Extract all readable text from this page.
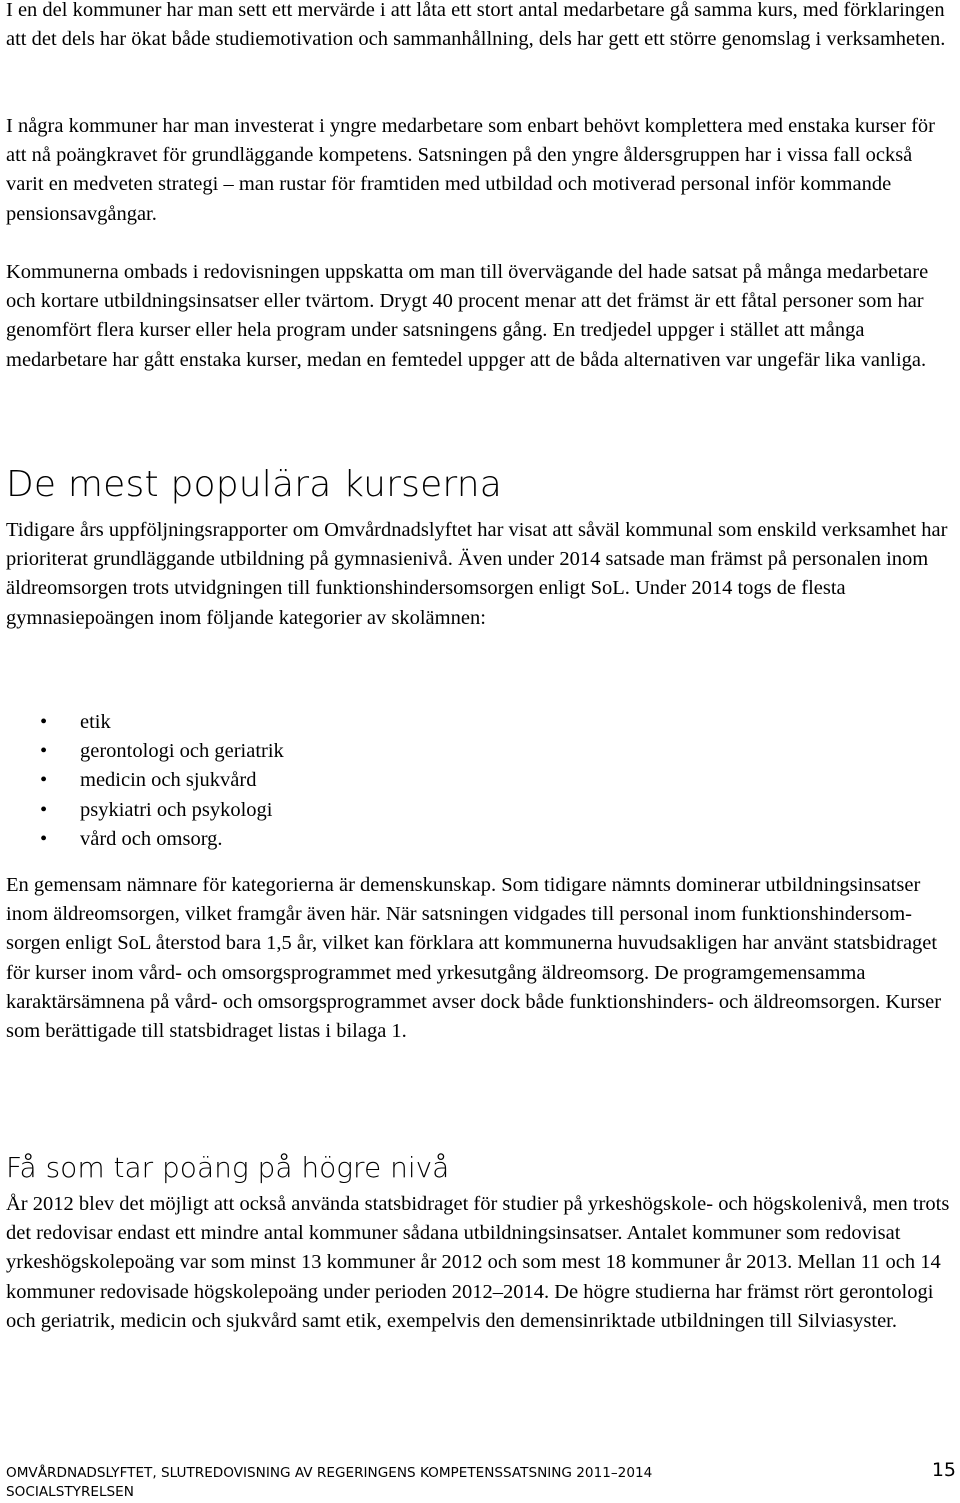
I en del kommuner har man sett ett mervärde i att låta ett stort antal medarbetare gå samma kurs, med förklaringen att det dels har ökat både studiemotivation och sammanhållning, dels har gett ett större genomslag i verksamheten.

I några kommuner har man investerat i yngre medarbetare som enbart behövt komplettera med enstaka kurser för att nå poängkravet för grundläggande kompetens. Satsningen på den yngre åldersgruppen har i vissa fall också varit en medveten strategi – man rustar för framtiden med utbildad och motiverad personal inför kommande pensionsavgångar.

Kommunerna ombads i redovisningen uppskatta om man till övervägande del hade satsat på många medarbetare och kortare utbildningsinsatser eller tvärtom. Drygt 40 procent menar att det främst är ett fåtal personer som har genomfört flera kurser eller hela program under satsningens gång. En tredjedel uppger i stället att många medarbetare har gått enstaka kurser, medan en femtedel uppger att de båda alternativen var ungefär lika vanliga.

De mest populära kurserna

Tidigare års uppföljningsrapporter om Omvårdnadslyftet har visat att såväl kommunal som enskild verksamhet har prioriterat grundläggande utbildning på gymnasienivå. Även under 2014 satsade man främst på personalen inom äldreomsorgen trots utvidgningen till funktionshindersomsorgen enligt SoL. Under 2014 togs de flesta gymnasiepoängen inom följande kategorier av skolämnen:

• etik
• gerontologi och geriatrik
• medicin och sjukvård
• psykiatri och psykologi
• vård och omsorg.

En gemensam nämnare för kategorierna är demenskunskap. Som tidigare nämnts dominerar utbildningsinsatser inom äldreomsorgen, vilket framgår även här. När satsningen vidgades till personal inom funktionshindersomsorgen enligt SoL återstod bara 1,5 år, vilket kan förklara att kommunerna huvudsakligen har använt statsbidraget för kurser inom vård- och omsorgsprogrammet med yrkesutgång äldreomsorg. De programgemensamma karaktärsämnena på vård- och omsorgsprogrammet avser dock både funktionshinders- och äldreomsorgen. Kurser som berättigade till statsbidraget listas i bilaga 1.

Få som tar poäng på högre nivå

År 2012 blev det möjligt att också använda statsbidraget för studier på yrkeshögskole- och högskolenivå, men trots det redovisar endast ett mindre antal kommuner sådana utbildningsinsatser. Antalet kommuner som redovisat yrkeshögskolepoäng var som minst 13 kommuner år 2012 och som mest 18 kommuner år 2013. Mellan 11 och 14 kommuner redovisade högskolepoäng under perioden 2012–2014. De högre studierna har främst rört gerontologi och geriatrik, medicin och sjukvård samt etik, exempelvis den demensinriktade utbildningen till Silviasyster.

OMVÅRDNADSLYFTET, SLUTREDOVISNING AV REGERINGENS KOMPETENSSATSNING 2011–2014
SOCIALSTYRELSEN
15
